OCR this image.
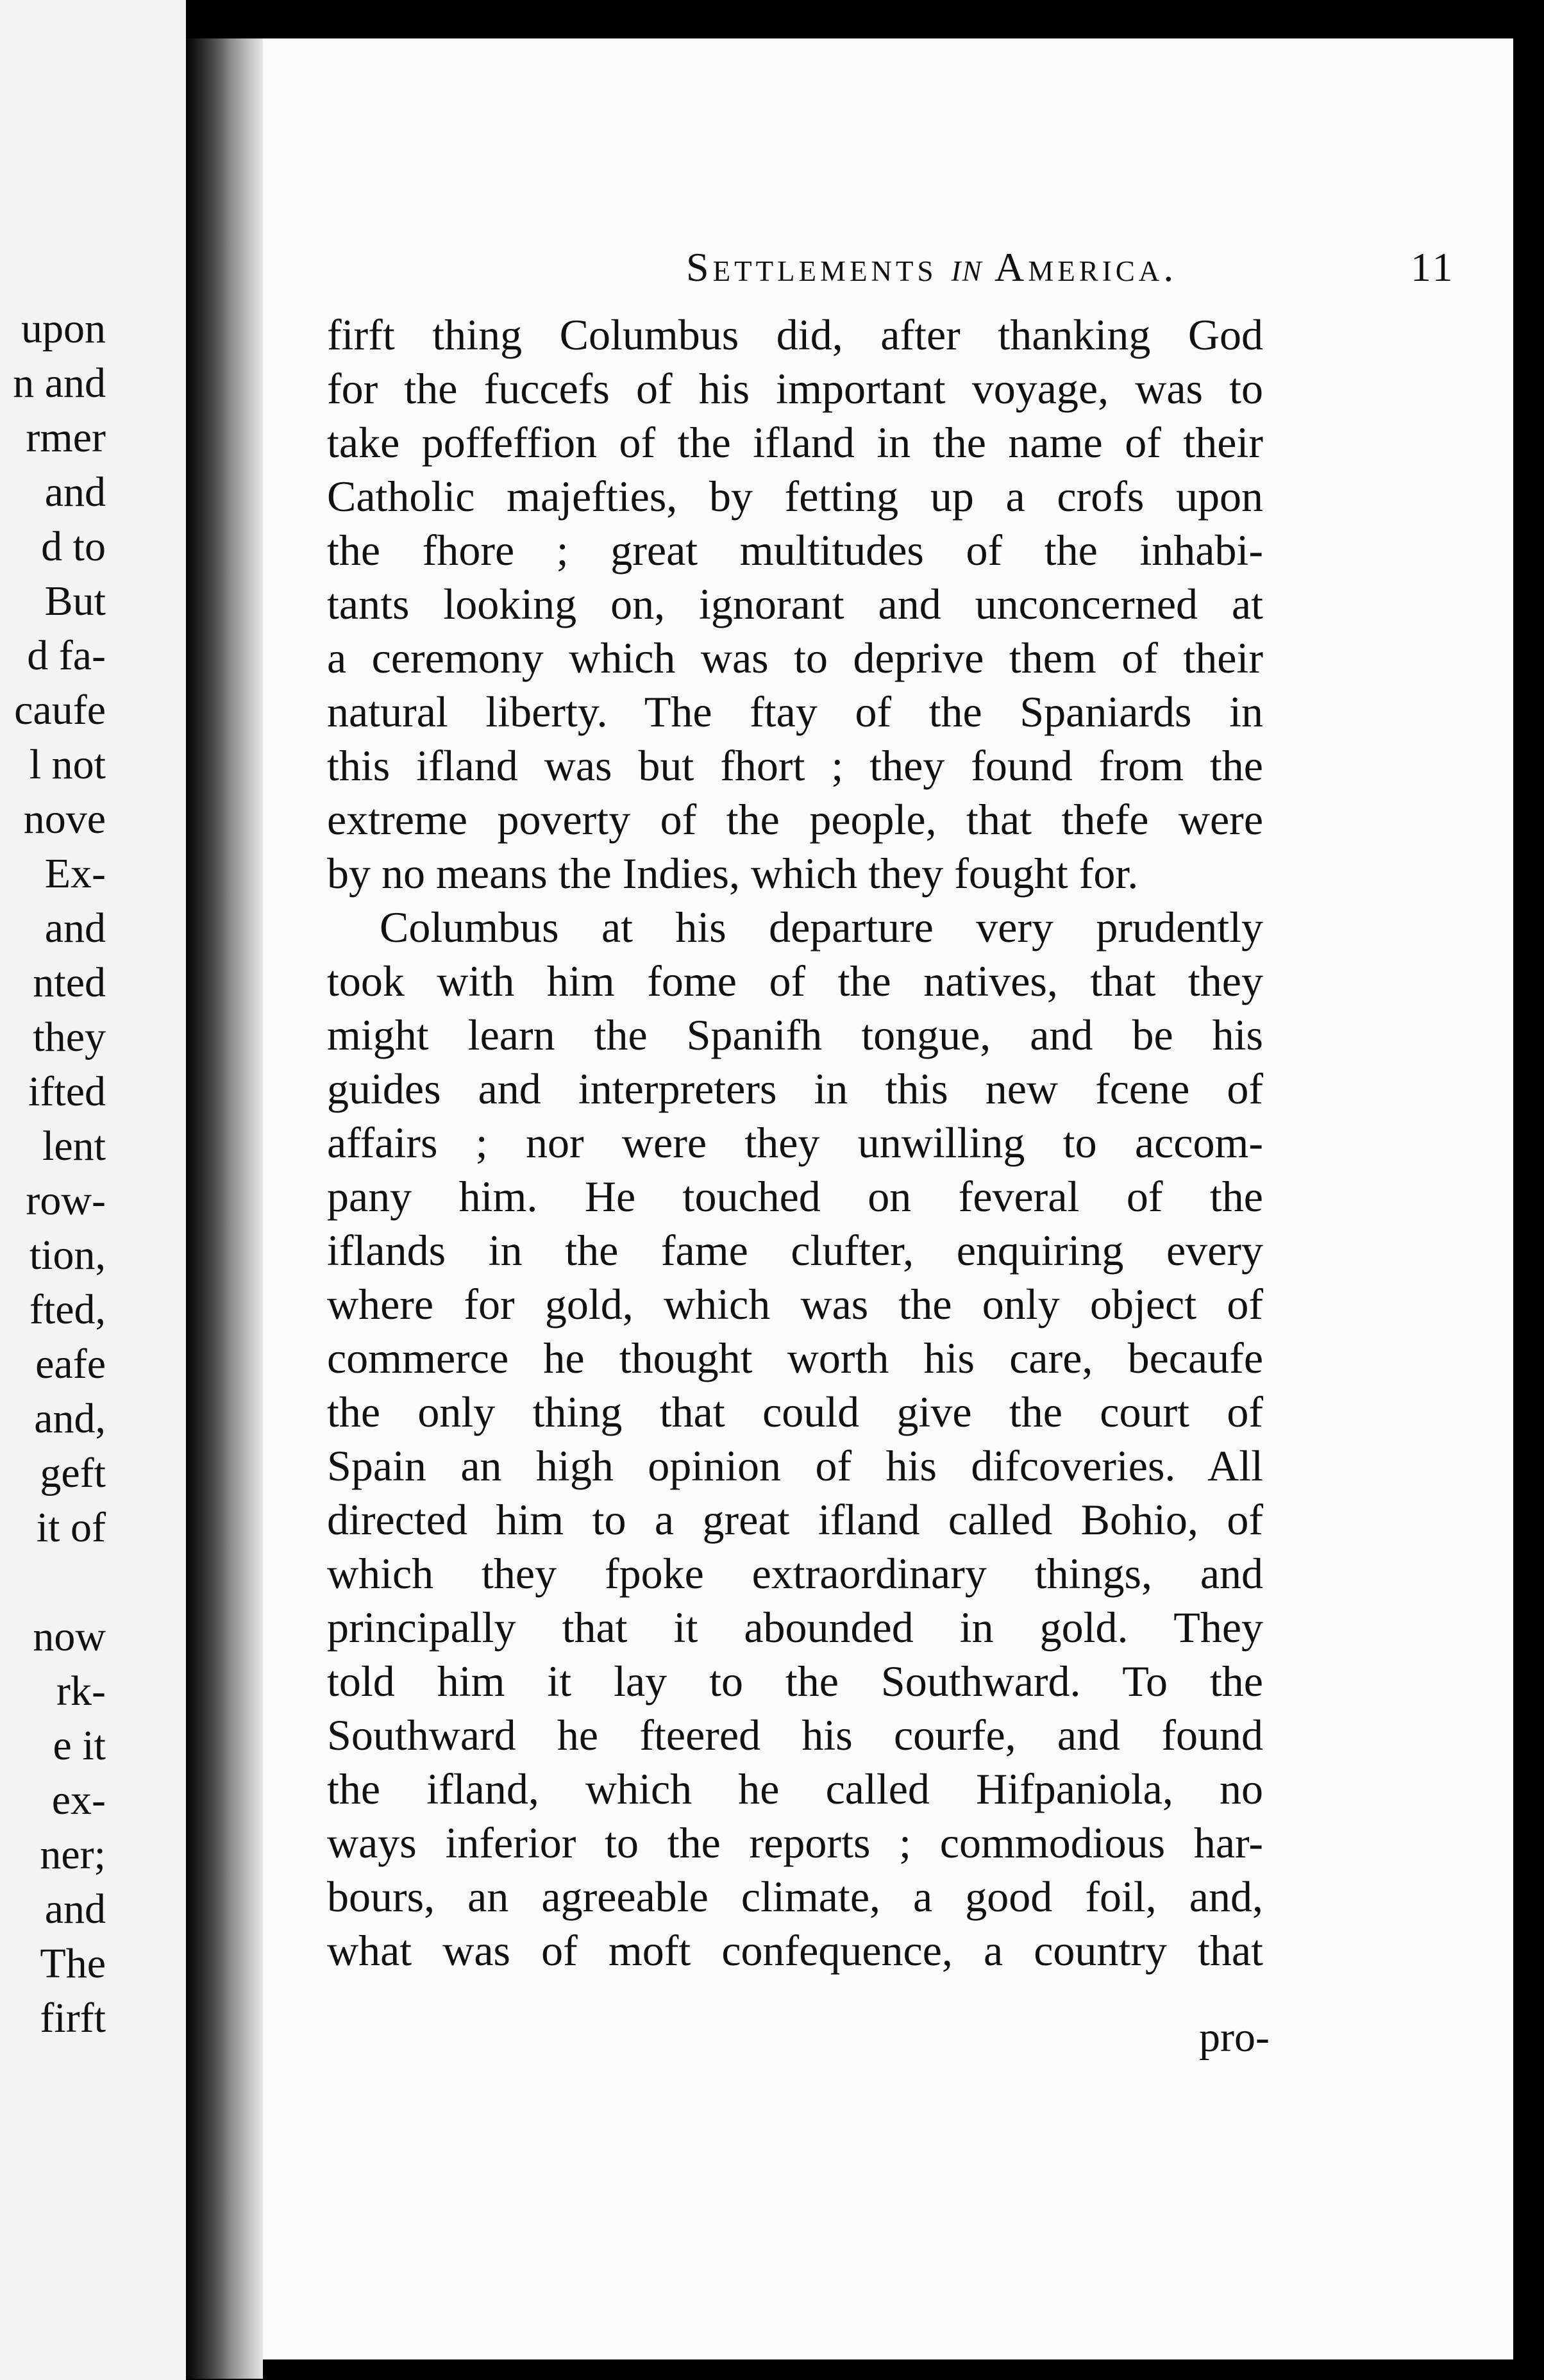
upon
n and
rmer
and
d to
But
d fa-
caufe
l not
nove
Ex-
and
nted
they
ifted
lent
row-
tion,
fted,
eafe
and,
geft
it of
now
rk-
e it
ex-
ner;
and
The
firft
Settlements in America.	11
firft thing Columbus did, after thanking God
for the fuccefs of his important voyage, was to
take poffeffion of the ifland in the name of their
Catholic majefties, by fetting up a crofs upon
the fhore ; great multitudes of the inhabi-
tants looking on, ignorant and unconcerned at
a ceremony which was to deprive them of their
natural liberty. The ftay of the Spaniards in
this ifland was but fhort ; they found from the
extreme poverty of the people, that thefe were
by no means the Indies, which they fought for.
Columbus at his departure very prudently
took with him fome of the natives, that they
might learn the Spanifh tongue, and be his
guides and interpreters in this new fcene of
affairs ; nor were they unwilling to accom-
pany him. He touched on feveral of the
iflands in the fame clufter, enquiring every
where for gold, which was the only object of
commerce he thought worth his care, becaufe
the only thing that could give the court of
Spain an high opinion of his difcoveries. All
directed him to a great ifland called Bohio, of
which they fpoke extraordinary things, and
principally that it abounded in gold. They
told him it lay to the Southward. To the
Southward he fteered his courfe, and found
the ifland, which he called Hifpaniola, no
ways inferior to the reports ; commodious har-
bours, an agreeable climate, a good foil, and,
what was of moft confequence, a country that
pro-
